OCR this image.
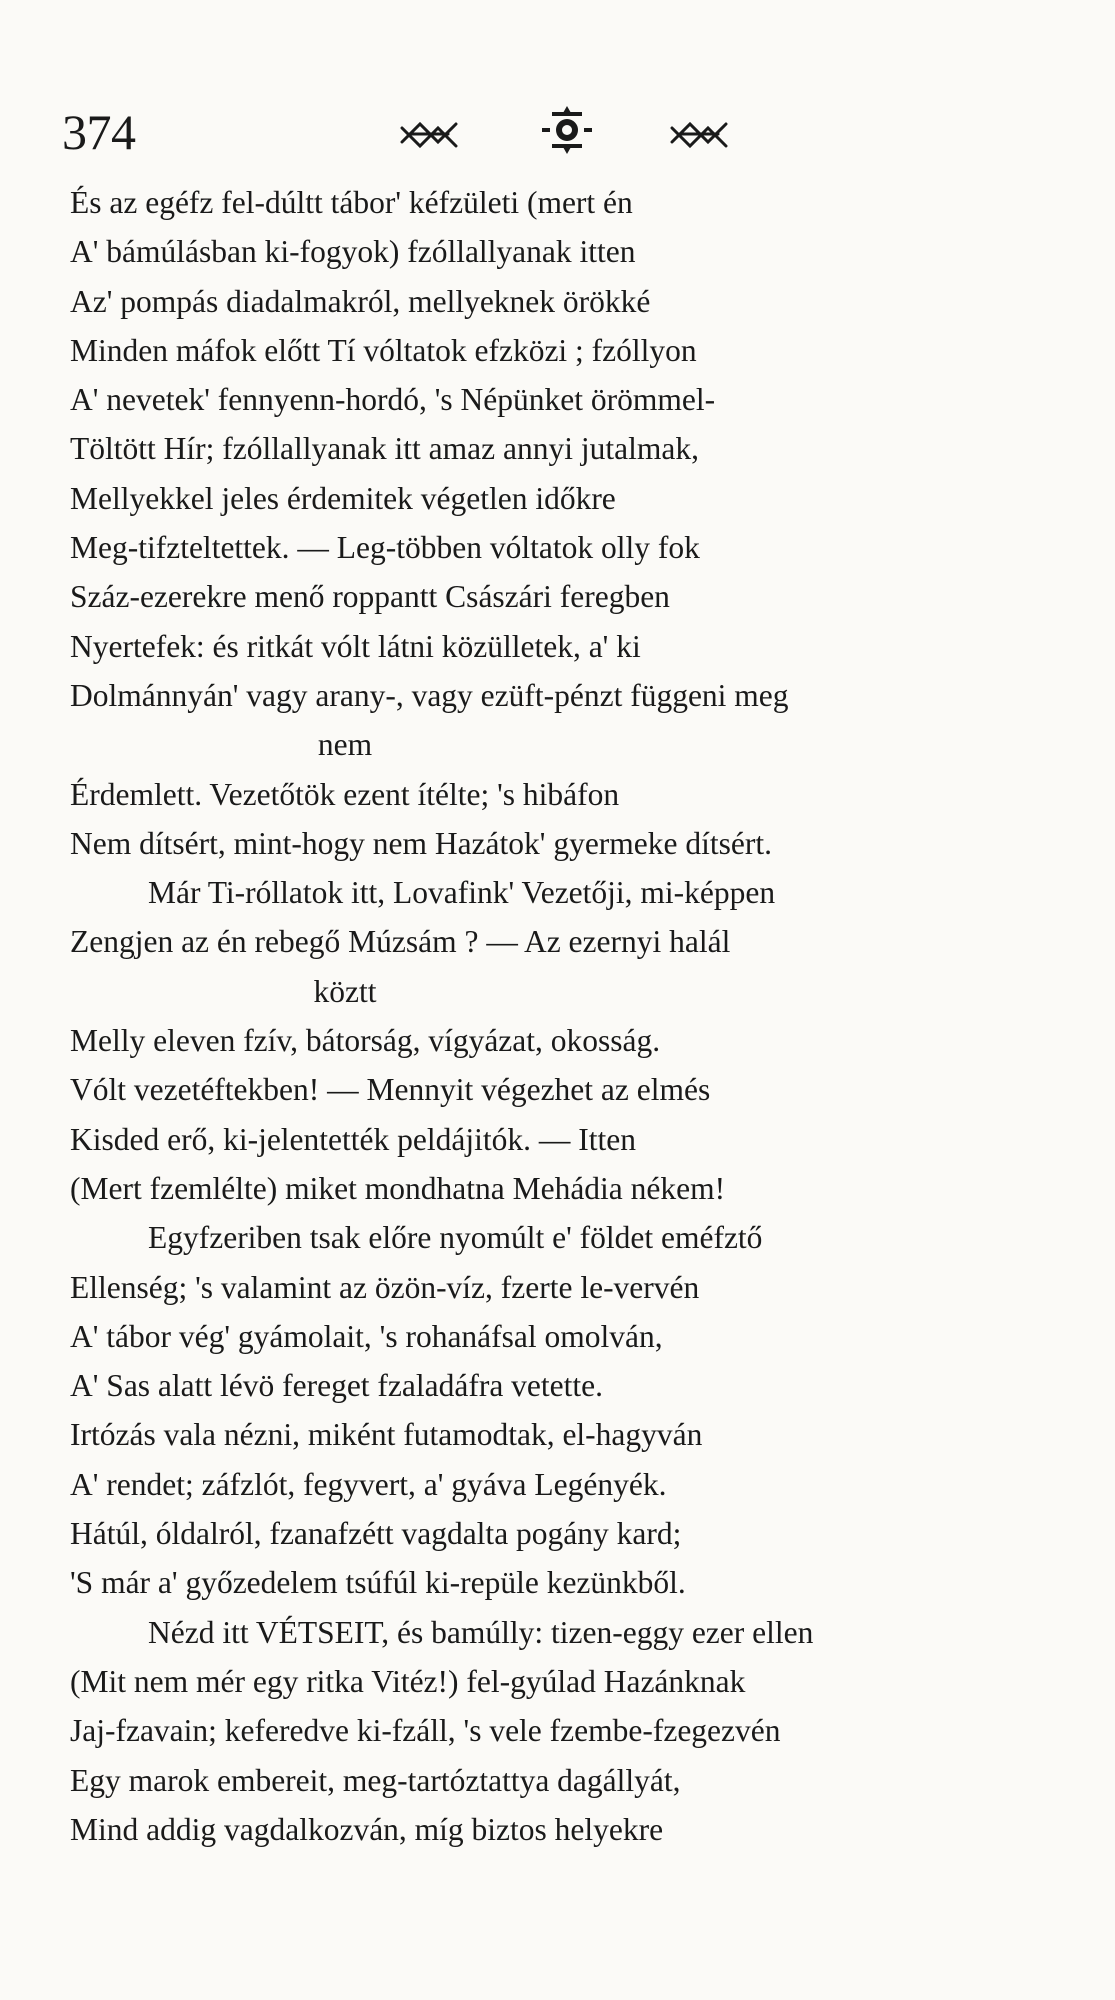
374
És az egéfz fel-dúltt tábor' kéfzületi (mert én
A' bámúlásban ki-fogyok) fzóllallyanak itten
Az' pompás diadalmakról, mellyeknek örökké
Minden máfok előtt Tí vóltatok efzközi ; fzóllyon
A' nevetek' fennyenn-hordó, 's Népünket örömmel-
Töltött Hír; fzóllallyanak itt amaz annyi jutalmak,
Mellyekkel jeles érdemitek végetlen időkre
Meg-tifzteltettek. — Leg-többen vóltatok olly fok
Száz-ezerekre menő roppantt Császári feregben
Nyertefek: és ritkát vólt látni közülletek, a' ki
Dolmánnyán' vagy arany-, vagy ezüft-pénzt függeni meg
nem
Érdemlett. Vezetőtök ezent ítélte; 's hibáfon
Nem dítsért, mint-hogy nem Hazátok' gyermeke dítsért.
Már Ti-róllatok itt, Lovafink' Vezetőji, mi-képpen
Zengjen az én rebegő Múzsám ? — Az ezernyi halál
köztt
Melly eleven fzív, bátorság, vígyázat, okosság.
Vólt vezetéftekben! — Mennyit végezhet az elmés
Kisded erő, ki-jelentették peldájitók. — Itten
(Mert fzemlélte) miket mondhatna Mehádia nékem!
Egyfzeriben tsak előre nyomúlt e' földet eméfztő
Ellenség; 's valamint az özön-víz, fzerte le-vervén
A' tábor vég' gyámolait, 's rohanáfsal omolván,
A' Sas alatt lévö fereget fzaladáfra vetette.
Irtózás vala nézni, miként futamodtak, el-hagyván
A' rendet; záfzlót, fegyvert, a' gyáva Legényék.
Hátúl, óldalról, fzanafzétt vagdalta pogány kard;
'S már a' győzedelem tsúfúl ki-repüle kezünkből.
Nézd itt VÉTSEIT, és bamúlly: tizen-eggy ezer ellen
(Mit nem mér egy ritka Vitéz!) fel-gyúlad Hazánknak
Jaj-fzavain; keferedve ki-fzáll, 's vele fzembe-fzegezvén
Egy marok embereit, meg-tartóztattya dagállyát,
Mind addig vagdalkozván, míg biztos helyekre
